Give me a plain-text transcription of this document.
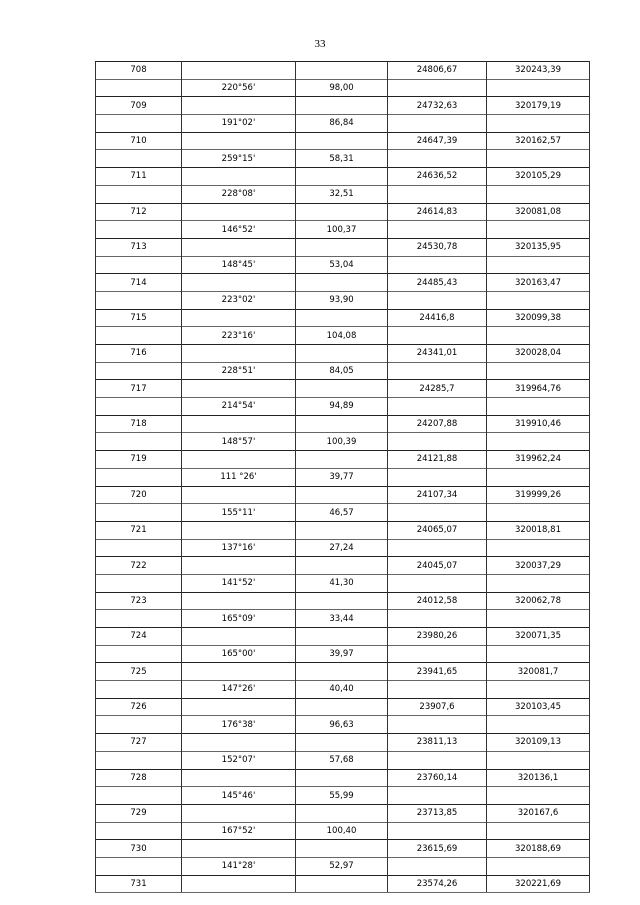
33
708			24806,67	320243,39
	220°56'	98,00		
709			24732,63	320179,19
	191°02'	86,84		
710			24647,39	320162,57
	259°15'	58,31		
711			24636,52	320105,29
	228°08'	32,51		
712			24614,83	320081,08
	146°52'	100,37		
713			24530,78	320135,95
	148°45'	53,04		
714			24485,43	320163,47
	223°02'	93,90		
715			24416,8	320099,38
	223°16'	104,08		
716			24341,01	320028,04
	228°51'	84,05		
717			24285,7	319964,76
	214°54'	94,89		
718			24207,88	319910,46
	148°57'	100,39		
719			24121,88	319962,24
	111 °26'	39,77		
720			24107,34	319999,26
	155°11'	46,57		
721			24065,07	320018,81
	137°16'	27,24		
722			24045,07	320037,29
	141°52'	41,30		
723			24012,58	320062,78
	165°09'	33,44		
724			23980,26	320071,35
	165°00'	39,97		
725			23941,65	320081,7
	147°26'	40,40		
726			23907,6	320103,45
	176°38'	96,63		
727			23811,13	320109,13
	152°07'	57,68		
728			23760,14	320136,1
	145°46'	55,99		
729			23713,85	320167,6
	167°52'	100,40		
730			23615,69	320188,69
	141°28'	52,97		
731			23574,26	320221,69
